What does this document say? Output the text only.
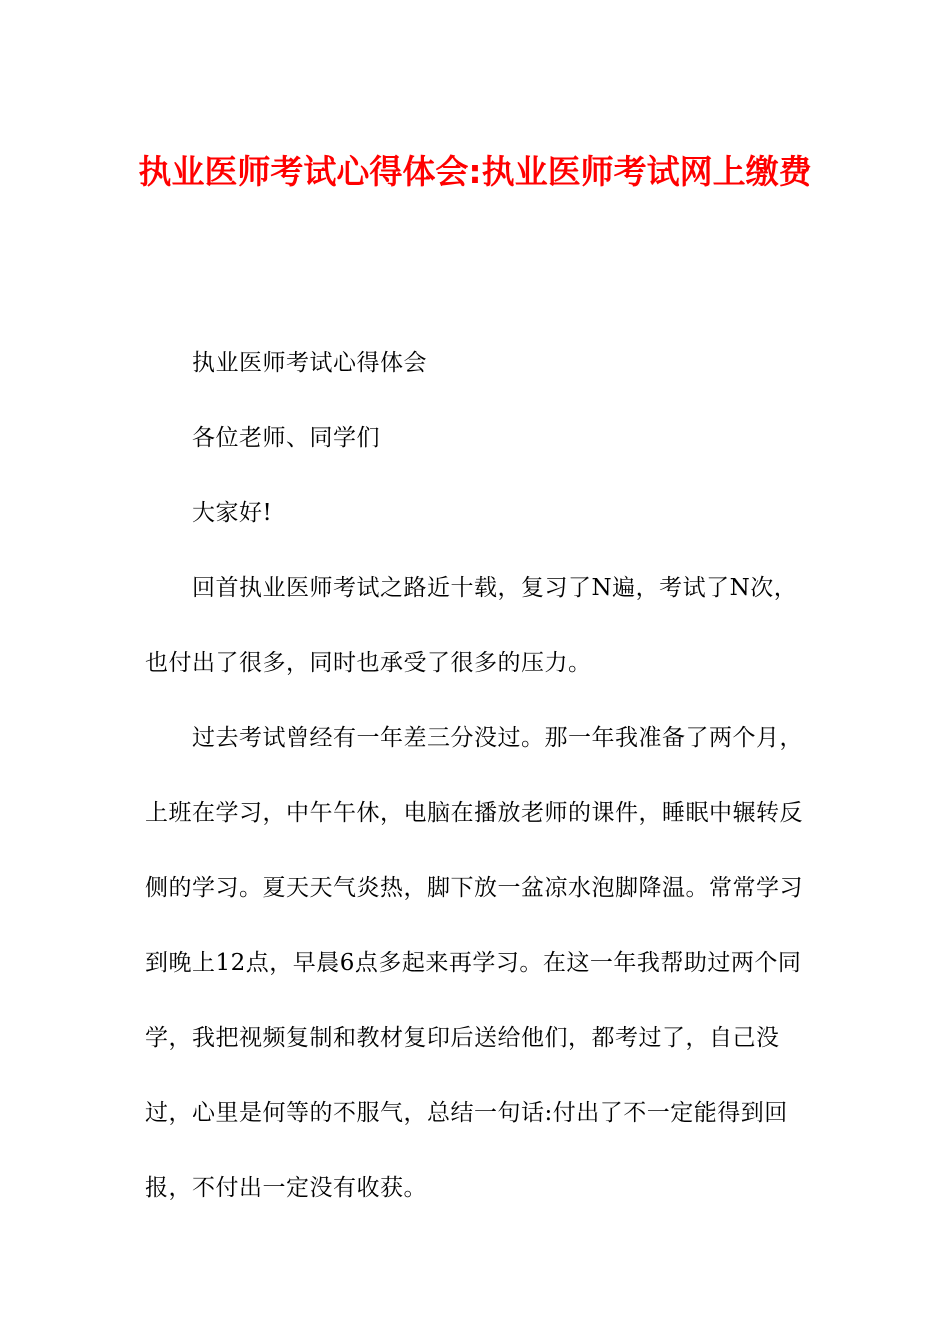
执业医师考试心得体会:执业医师考试网上缴费

执业医师考试心得体会

各位老师、同学们

大家好!

回首执业医师考试之路近十载，复习了N遍，考试了N次，也付出了很多，同时也承受了很多的压力。

过去考试曾经有一年差三分没过。那一年我准备了两个月，上班在学习，中午午休，电脑在播放老师的课件，睡眠中辗转反侧的学习。夏天天气炎热，脚下放一盆凉水泡脚降温。常常学习到晚上12点，早晨6点多起来再学习。在这一年我帮助过两个同学，我把视频复制和教材复印后送给他们，都考过了，自己没过，心里是何等的不服气，总结一句话:付出了不一定能得到回报，不付出一定没有收获。
